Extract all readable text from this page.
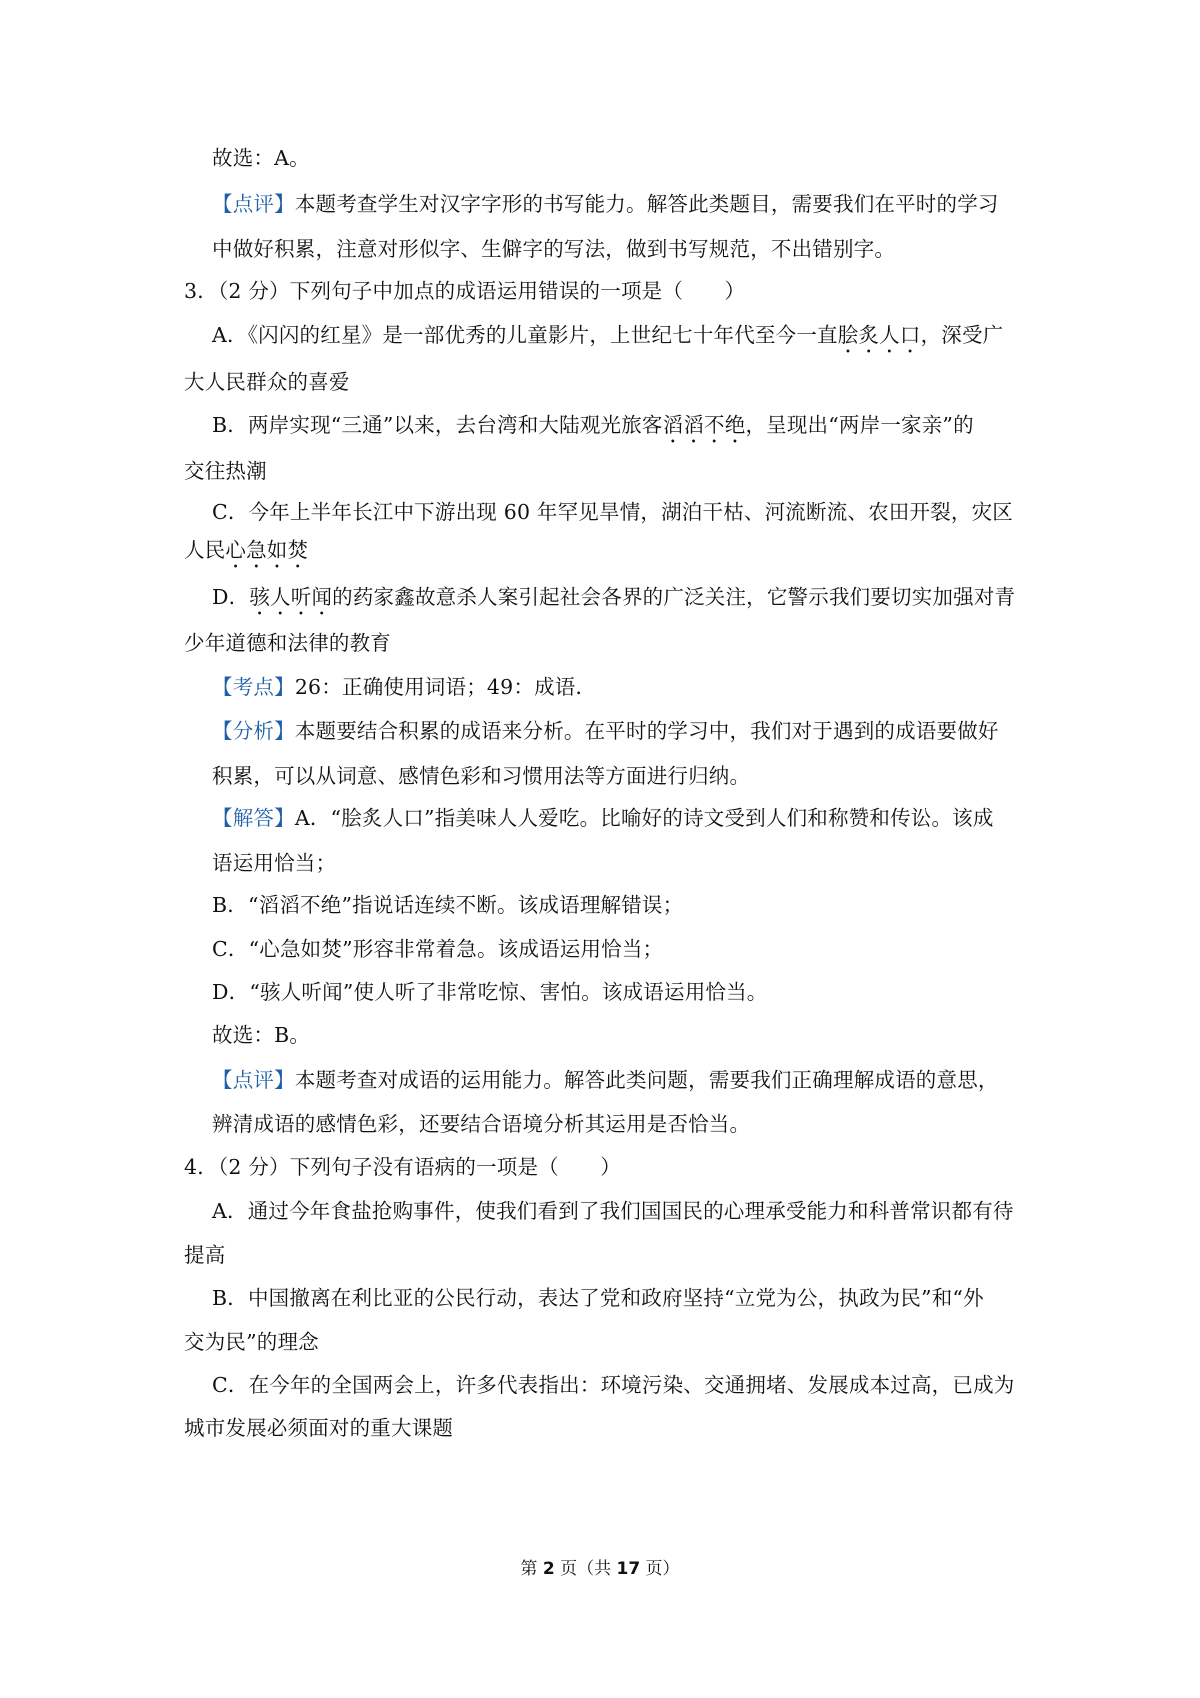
故选：A。
【点评】本题考查学生对汉字字形的书写能力。解答此类题目，需要我们在平时的学习
中做好积累，注意对形似字、生僻字的写法，做到书写规范，不出错别字。
3．（2 分）下列句子中加点的成语运用错误的一项是（　　）
A．《闪闪的红星》是一部优秀的儿童影片，上世纪七十年代至今一直脍炙人口，深受广
大人民群众的喜爱
B．两岸实现“三通”以来，去台湾和大陆观光旅客滔滔不绝，呈现出“两岸一家亲”的
交往热潮
C．今年上半年长江中下游出现 60 年罕见旱情，湖泊干枯、河流断流、农田开裂，灾区
人民心急如焚
D．骇人听闻的药家鑫故意杀人案引起社会各界的广泛关注，它警示我们要切实加强对青
少年道德和法律的教育
【考点】26：正确使用词语；49：成语．
【分析】本题要结合积累的成语来分析。在平时的学习中，我们对于遇到的成语要做好
积累，可以从词意、感情色彩和习惯用法等方面进行归纳。
【解答】A．“脍炙人口”指美味人人爱吃。比喻好的诗文受到人们和称赞和传讼。该成
语运用恰当；
B．“滔滔不绝”指说话连续不断。该成语理解错误；
C．“心急如焚”形容非常着急。该成语运用恰当；
D．“骇人听闻”使人听了非常吃惊、害怕。该成语运用恰当。
故选：B。
【点评】本题考查对成语的运用能力。解答此类问题，需要我们正确理解成语的意思，
辨清成语的感情色彩，还要结合语境分析其运用是否恰当。
4．（2 分）下列句子没有语病的一项是（　　）
A．通过今年食盐抢购事件，使我们看到了我们国国民的心理承受能力和科普常识都有待
提高
B．中国撤离在利比亚的公民行动，表达了党和政府坚持“立党为公，执政为民”和“外
交为民”的理念
C．在今年的全国两会上，许多代表指出：环境污染、交通拥堵、发展成本过高，已成为
城市发展必须面对的重大课题
第 2 页（共 17 页）
